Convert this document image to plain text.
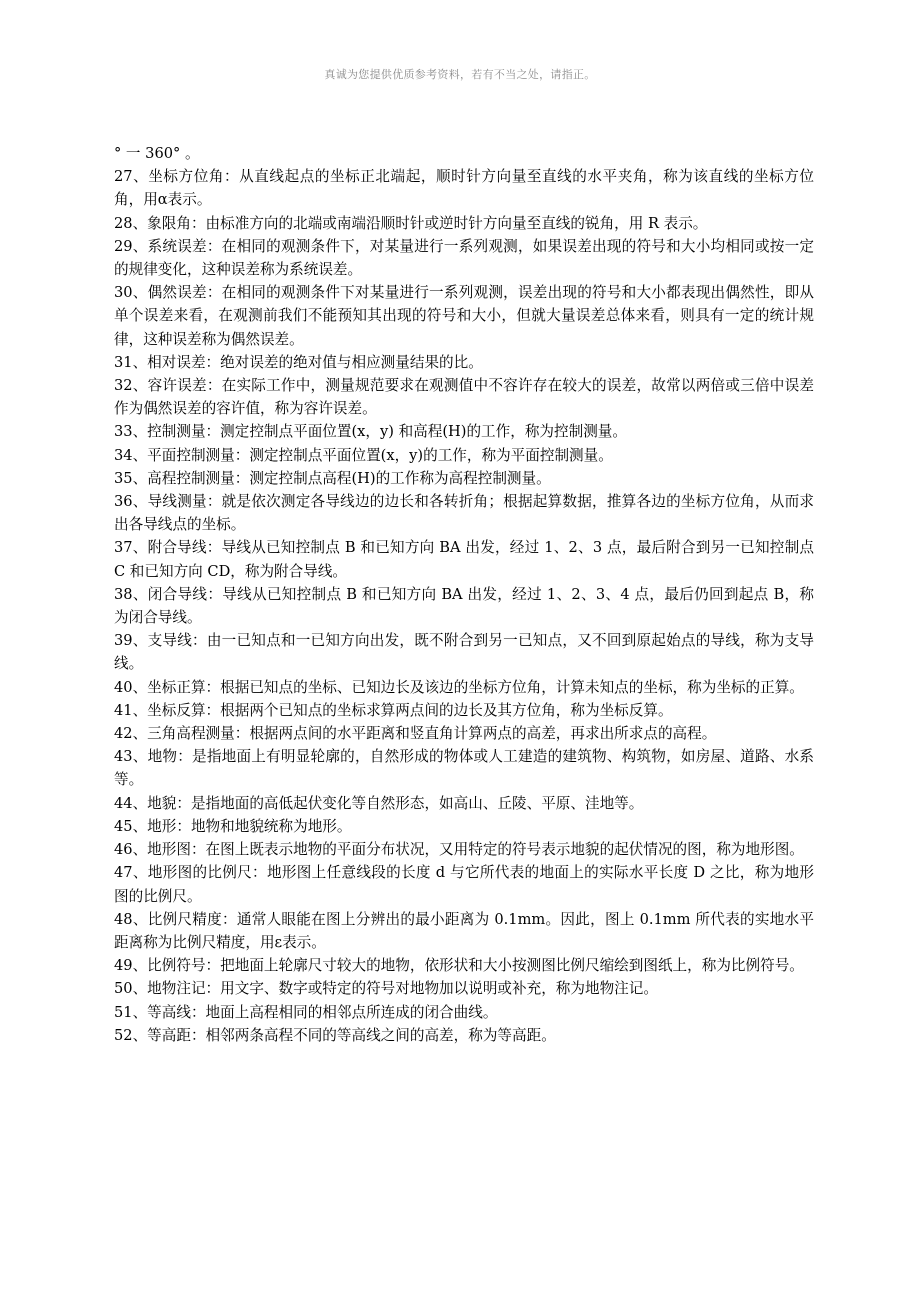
真诚为您提供优质参考资料，若有不当之处，请指正。

° 一 360° 。

27、坐标方位角：从直线起点的坐标正北端起，顺时针方向量至直线的水平夹角，称为该直线的坐标方位角，用α表示。

28、象限角：由标准方向的北端或南端沿顺时针或逆时针方向量至直线的锐角，用 R 表示。

29、系统误差：在相同的观测条件下，对某量进行一系列观测，如果误差出现的符号和大小均相同或按一定的规律变化，这种误差称为系统误差。

30、偶然误差：在相同的观测条件下对某量进行一系列观测，误差出现的符号和大小都表现出偶然性，即从单个误差来看，在观测前我们不能预知其出现的符号和大小，但就大量误差总体来看，则具有一定的统计规律，这种误差称为偶然误差。

31、相对误差：绝对误差的绝对值与相应测量结果的比。

32、容许误差：在实际工作中，测量规范要求在观测值中不容许存在较大的误差，故常以两倍或三倍中误差作为偶然误差的容许值，称为容许误差。

33、控制测量：测定控制点平面位置(x，y) 和高程(H)的工作，称为控制测量。

34、平面控制测量：测定控制点平面位置(x，y)的工作，称为平面控制测量。

35、高程控制测量：测定控制点高程(H)的工作称为高程控制测量。

36、导线测量：就是依次测定各导线边的边长和各转折角；根据起算数据，推算各边的坐标方位角，从而求出各导线点的坐标。

37、附合导线：导线从已知控制点 B 和已知方向 BA 出发，经过 1、2、3 点，最后附合到另一已知控制点 C 和已知方向 CD，称为附合导线。

38、闭合导线：导线从已知控制点 B 和已知方向 BA 出发，经过 1、2、3、4 点，最后仍回到起点 B，称为闭合导线。

39、支导线：由一已知点和一已知方向出发，既不附合到另一已知点，又不回到原起始点的导线，称为支导线。

40、坐标正算：根据已知点的坐标、已知边长及该边的坐标方位角，计算未知点的坐标，称为坐标的正算。

41、坐标反算：根据两个已知点的坐标求算两点间的边长及其方位角，称为坐标反算。

42、三角高程测量：根据两点间的水平距离和竖直角计算两点的高差，再求出所求点的高程。

43、地物：是指地面上有明显轮廓的，自然形成的物体或人工建造的建筑物、构筑物，如房屋、道路、水系等。

44、地貌：是指地面的高低起伏变化等自然形态，如高山、丘陵、平原、洼地等。

45、地形：地物和地貌统称为地形。

46、地形图：在图上既表示地物的平面分布状况，又用特定的符号表示地貌的起伏情况的图，称为地形图。

47、地形图的比例尺：地形图上任意线段的长度 d 与它所代表的地面上的实际水平长度 D 之比，称为地形图的比例尺。

48、比例尺精度：通常人眼能在图上分辨出的最小距离为 0.1mm。因此，图上 0.1mm 所代表的实地水平距离称为比例尺精度，用ε表示。

49、比例符号：把地面上轮廓尺寸较大的地物，依形状和大小按测图比例尺缩绘到图纸上，称为比例符号。

50、地物注记：用文字、数字或特定的符号对地物加以说明或补充，称为地物注记。

51、等高线：地面上高程相同的相邻点所连成的闭合曲线。

52、等高距：相邻两条高程不同的等高线之间的高差，称为等高距。
